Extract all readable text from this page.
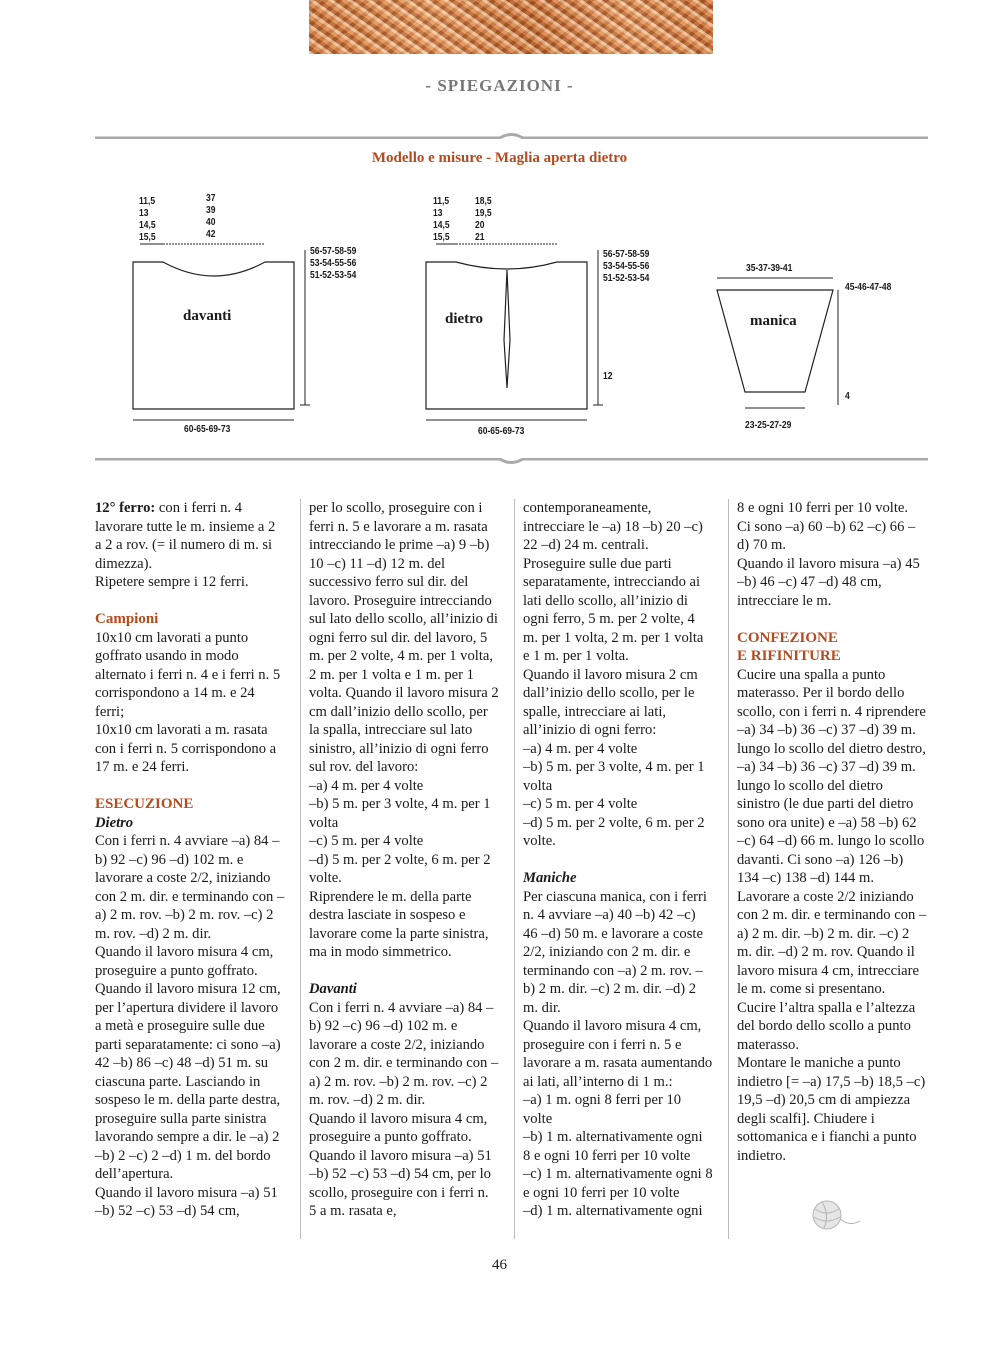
- SPIEGAZIONI -
Modello e misure - Maglia aperta dietro
11,5
13
14,5
15,5
37
39
40
42
56-57-58-59
53-54-55-56
51-52-53-54
60-65-69-73
davanti
11,5
13
14,5
15,5
18,5
19,5
20
21
56-57-58-59
53-54-55-56
51-52-53-54
12
60-65-69-73
dietro
35-37-39-41
45-46-47-48
4
23-25-27-29
manica

12° ferro: con i ferri n. 4 lavorare tutte le m. insieme a 2 a 2 a rov. (= il numero di m. si dimezza).
Ripetere sempre i 12 ferri.

Campioni

10x10 cm lavorati a punto goffrato usando in modo alternato i ferri n. 4 e i ferri n. 5 corrispondono a 14 m. e 24 ferri;
10x10 cm lavorati a m. rasata con i ferri n. 5 corrispondono a 17 m. e 24 ferri.

ESECUZIONE
Dietro

Con i ferri n. 4 avviare –a) 84 –b) 92 –c) 96 –d) 102 m. e lavorare a coste 2/2, iniziando con 2 m. dir. e terminando con –a) 2 m. rov. –b) 2 m. rov. –c) 2 m. rov. –d) 2 m. dir.
Quando il lavoro misura 4 cm, proseguire a punto goffrato. Quando il lavoro misura 12 cm, per l’apertura dividere il lavoro a metà e proseguire sulle due parti separatamente: ci sono –a) 42 –b) 86 –c) 48 –d) 51 m. su ciascuna parte. Lasciando in sospeso le m. della parte destra, proseguire sulla parte sinistra lavorando sempre a dir. le –a) 2 –b) 2 –c) 2 –d) 1 m. del bordo dell’apertura.
Quando il lavoro misura –a) 51 –b) 52 –c) 53 –d) 54 cm,

per lo scollo, proseguire con i ferri n. 5 e lavorare a m. rasata intrecciando le prime –a) 9 –b) 10 –c) 11 –d) 12 m. del successivo ferro sul dir. del lavoro. Proseguire intrecciando sul lato dello scollo, all’inizio di ogni ferro sul dir. del lavoro, 5 m. per 2 volte, 4 m. per 1 volta, 2 m. per 1 volta e 1 m. per 1 volta. Quando il lavoro misura 2 cm dall’inizio dello scollo, per la spalla, intrecciare sul lato sinistro, all’inizio di ogni ferro sul rov. del lavoro:
–a) 4 m. per 4 volte
–b) 5 m. per 3 volte, 4 m. per 1 volta
–c) 5 m. per 4 volte
–d) 5 m. per 2 volte, 6 m. per 2 volte.
Riprendere le m. della parte destra lasciate in sospeso e lavorare come la parte sinistra, ma in modo simmetrico.

Davanti

Con i ferri n. 4 avviare –a) 84 –b) 92 –c) 96 –d) 102 m. e lavorare a coste 2/2, iniziando con 2 m. dir. e terminando con –a) 2 m. rov. –b) 2 m. rov. –c) 2 m. rov. –d) 2 m. dir.
Quando il lavoro misura 4 cm, proseguire a punto goffrato.
Quando il lavoro misura –a) 51 –b) 52 –c) 53 –d) 54 cm, per lo scollo, proseguire con i ferri n. 5 a m. rasata e,

contemporaneamente, intrecciare le –a) 18 –b) 20 –c) 22 –d) 24 m. centrali. Proseguire sulle due parti separatamente, intrecciando ai lati dello scollo, all’inizio di ogni ferro, 5 m. per 2 volte, 4 m. per 1 volta, 2 m. per 1 volta e 1 m. per 1 volta.
Quando il lavoro misura 2 cm dall’inizio dello scollo, per le spalle, intrecciare ai lati, all’inizio di ogni ferro:
–a) 4 m. per 4 volte
–b) 5 m. per 3 volte, 4 m. per 1 volta
–c) 5 m. per 4 volte
–d) 5 m. per 2 volte, 6 m. per 2 volte.

Maniche

Per ciascuna manica, con i ferri n. 4 avviare –a) 40 –b) 42 –c) 46 –d) 50 m. e lavorare a coste 2/2, iniziando con 2 m. dir. e terminando con –a) 2 m. rov. –b) 2 m. dir. –c) 2 m. dir. –d) 2 m. dir.
Quando il lavoro misura 4 cm, proseguire con i ferri n. 5 e lavorare a m. rasata aumentando ai lati, all’interno di 1 m.:
–a) 1 m. ogni 8 ferri per 10 volte
–b) 1 m. alternativamente ogni 8 e ogni 10 ferri per 10 volte
–c) 1 m. alternativamente ogni 8 e ogni 10 ferri per 10 volte
–d) 1 m. alternativamente ogni

8 e ogni 10 ferri per 10 volte.
Ci sono –a) 60 –b) 62 –c) 66 –d) 70 m.
Quando il lavoro misura –a) 45 –b) 46 –c) 47 –d) 48 cm, intrecciare le m.

CONFEZIONE
E RIFINITURE

Cucire una spalla a punto materasso. Per il bordo dello scollo, con i ferri n. 4 riprendere –a) 34 –b) 36 –c) 37 –d) 39 m. lungo lo scollo del dietro destro, –a) 34 –b) 36 –c) 37 –d) 39 m. lungo lo scollo del dietro sinistro (le due parti del dietro sono ora unite) e –a) 58 –b) 62 –c) 64 –d) 66 m. lungo lo scollo davanti. Ci sono –a) 126 –b) 134 –c) 138 –d) 144 m. Lavorare a coste 2/2 iniziando con 2 m. dir. e terminando con –a) 2 m. dir. –b) 2 m. dir. –c) 2 m. dir. –d) 2 m. rov. Quando il lavoro misura 4 cm, intrecciare le m. come si presentano.
Cucire l’altra spalla e l’altezza del bordo dello scollo a punto materasso.
Montare le maniche a punto indietro [= –a) 17,5 –b) 18,5 –c) 19,5 –d) 20,5 cm di ampiezza degli scalfi]. Chiudere i sottomanica e i fianchi a punto indietro.

46
